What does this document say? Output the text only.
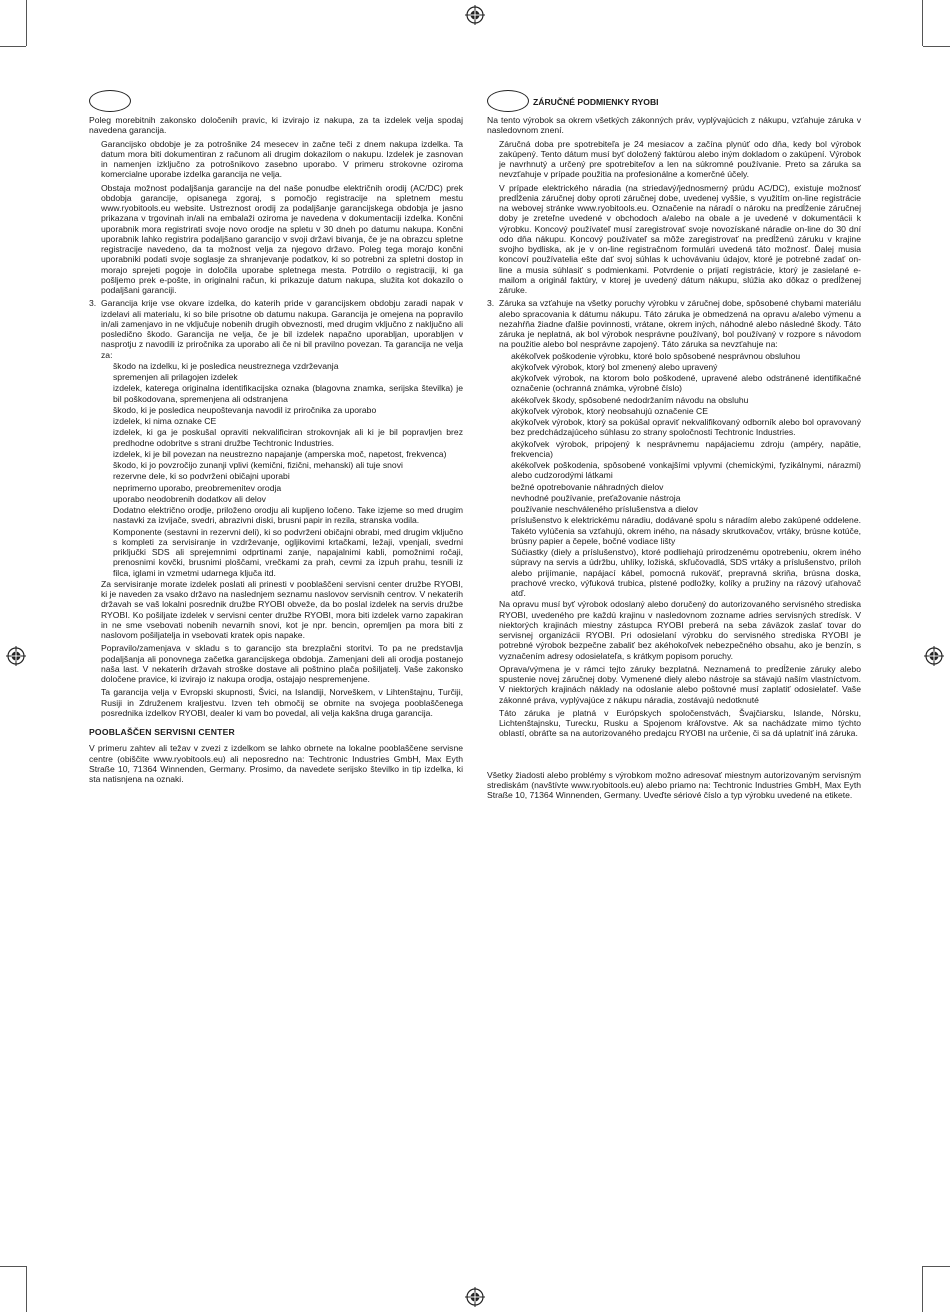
Poleg morebitnih zakonsko določenih pravic, ki izvirajo iz nakupa, za ta izdelek velja spodaj navedena garancija.

Garancijsko obdobje je za potrošnike 24 mesecev in začne teči z dnem nakupa izdelka. Ta datum mora biti dokumentiran z računom ali drugim dokazilom o nakupu. Izdelek je zasnovan in namenjen izključno za potrošnikovo zasebno uporabo. V primeru strokovne oziroma komercialne uporabe izdelka garancija ne velja.

Obstaja možnost podaljšanja garancije na del naše ponudbe električnih orodij (AC/DC) prek obdobja garancije, opisanega zgoraj, s pomočjo registracije na spletnem mestu www.ryobitools.eu website. Ustreznost orodij za podaljšanje garancijskega obdobja je jasno prikazana v trgovinah in/ali na embalaži oziroma je navedena v dokumentaciji izdelka. Končni uporabnik mora registrirati svoje novo orodje na spletu v 30 dneh po datumu nakupa. Končni uporabnik lahko registrira podaljšano garancijo v svoji državi bivanja, če je na obrazcu spletne registracije navedeno, da ta možnost velja za njegovo državo. Poleg tega morajo končni uporabniki podati svoje soglasje za shranjevanje podatkov, ki so potrebni za spletni dostop in morajo sprejeti pogoje in določila uporabe spletnega mesta. Potrdilo o registraciji, ki ga pošljemo prek e-pošte, in originalni račun, ki prikazuje datum nakupa, služita kot dokazilo o podaljšani garanciji.

3. Garancija krije vse okvare izdelka, do katerih pride v garancijskem obdobju zaradi napak v izdelavi ali materialu, ki so bile prisotne ob datumu nakupa. Garancija je omejena na popravilo in/ali zamenjavo in ne vključuje nobenih drugih obveznosti, med drugim vključno z naključno ali posledično škodo. Garancija ne velja, če je bil izdelek napačno uporabljan, uporabljen v nasprotju z navodili iz priročnika za uporabo ali če ni bil pravilno povezan. Ta garancija ne velja za:

škodo na izdelku, ki je posledica neustreznega vzdrževanja

spremenjen ali prilagojen izdelek

izdelek, katerega originalna identifikacijska oznaka (blagovna znamka, serijska številka) je bil poškodovana, spremenjena ali odstranjena

škodo, ki je posledica neupoštevanja navodil iz priročnika za uporabo

izdelek, ki nima oznake CE

izdelek, ki ga je poskušal opraviti nekvalificiran strokovnjak ali ki je bil popravljen brez predhodne odobritve s strani družbe Techtronic Industries.

izdelek, ki je bil povezan na neustrezno napajanje (amperska moč, napetost, frekvenca)

škodo, ki jo povzročijo zunanji vplivi (kemični, fizični, mehanski) ali tuje snovi

rezervne dele, ki so podvrženi običajni uporabi

neprimerno uporabo, preobremenitev orodja

uporabo neodobrenih dodatkov ali delov

Dodatno električno orodje, priloženo orodju ali kupljeno ločeno. Take izjeme so med drugim nastavki za izvijače, svedri, abrazivni diski, brusni papir in rezila, stranska vodila.

Komponente (sestavni in rezervni deli), ki so podvrženi običajni obrabi, med drugim vključno s kompleti za servisiranje in vzdrževanje, ogljikovimi krtačkami, ležaji, vpenjali, svedrni priključki SDS ali sprejemnimi odprtinami zanje, napajalnimi kabli, pomožnimi ročaji, prenosnimi kovčki, brusnimi ploščami, vrečkami za prah, cevmi za izpuh prahu, tesnili iz filca, iglami in vzmetmi udarnega ključa itd.

Za servisiranje morate izdelek poslati ali prinesti v pooblaščeni servisni center družbe RYOBI, ki je naveden za vsako državo na naslednjem seznamu naslovov servisnih centrov. V nekaterih državah se vaš lokalni posrednik družbe RYOBI obveže, da bo poslal izdelek na servis družbe RYOBI. Ko pošiljate izdelek v servisni center družbe RYOBI, mora biti izdelek varno zapakiran in ne sme vsebovati nobenih nevarnih snovi, kot je npr. bencin, opremljen pa mora biti z naslovom pošiljatelja in vsebovati kratek opis napake.

Popravilo/zamenjava v skladu s to garancijo sta brezplačni storitvi. To pa ne predstavlja podaljšanja ali ponovnega začetka garancijskega obdobja. Zamenjani deli ali orodja postanejo naša last. V nekaterih državah stroške dostave ali poštnino plača pošiljatelj. Vaše zakonsko določene pravice, ki izvirajo iz nakupa orodja, ostajajo nespremenjene.

Ta garancija velja v Evropski skupnosti, Švici, na Islandiji, Norveškem, v Lihtenštajnu, Turčiji, Rusiji in Združenem kraljestvu. Izven teh območij se obrnite na svojega pooblaščenega posrednika izdelkov RYOBI, dealer ki vam bo povedal, ali velja kakšna druga garancija.

POOBLAŠČEN SERVISNI CENTER

V primeru zahtev ali težav v zvezi z izdelkom se lahko obrnete na lokalne pooblaščene servisne centre (obiščite www.ryobitools.eu) ali neposredno na: Techtronic Industries GmbH, Max Eyth Straße 10, 71364 Winnenden, Germany. Prosimo, da navedete serijsko številko in tip izdelka, ki sta natisnjena na oznaki.

ZÁRUČNÉ PODMIENKY RYOBI

Na tento výrobok sa okrem všetkých zákonných práv, vyplývajúcich z nákupu, vzťahuje záruka v nasledovnom znení.

Záručná doba pre spotrebiteľa je 24 mesiacov a začína plynúť odo dňa, kedy bol výrobok zakúpený. Tento dátum musí byť doložený faktúrou alebo iným dokladom o zakúpení. Výrobok je navrhnutý a určený pre spotrebiteľov a len na súkromné používanie. Preto sa záruka sa nevzťahuje v prípade použitia na profesionálne a komerčné účely.

V prípade elektrického náradia (na striedavý/jednosmerný prúdu AC/DC), existuje možnosť predĺženia záručnej doby oproti záručnej dobe, uvedenej vyššie, s využitím on-line registrácie na webovej stránke www.ryobitools.eu. Označenie na náradí o nároku na predĺženie záručnej doby je zreteľne uvedené v obchodoch a/alebo na obale a je uvedené v dokumentácii k výrobku. Koncový používateľ musí zaregistrovať svoje novozískané náradie on-line do 30 dní odo dňa nákupu. Koncový používateľ sa môže zaregistrovať na predĺženú záruku v krajine svojho bydliska, ak je v on-line registračnom formulári uvedená táto možnosť. Ďalej musia koncoví používatelia ešte dať svoj súhlas k uchovávaniu údajov, ktoré je potrebné zadať on-line a musia súhlasiť s podmienkami. Potvrdenie o prijatí registrácie, ktorý je zasielané e-mailom a originál faktúry, v ktorej je uvedený dátum nákupu, slúžia ako dôkaz o predĺženej záruke.

3. Záruka sa vzťahuje na všetky poruchy výrobku v záručnej dobe, spôsobené chybami materiálu alebo spracovania k dátumu nákupu. Táto záruka je obmedzená na opravu a/alebo výmenu a nezahŕňa žiadne ďalšie povinnosti, vrátane, okrem iných, náhodné alebo následné škody. Táto záruka je neplatná, ak bol výrobok nesprávne používaný, bol používaný v rozpore s návodom na použitie alebo bol nesprávne zapojený. Táto záruka sa nevzťahuje na:

akékoľvek poškodenie výrobku, ktoré bolo spôsobené nesprávnou obsluhou

akýkoľvek výrobok, ktorý bol zmenený alebo upravený

akýkoľvek výrobok, na ktorom bolo poškodené, upravené alebo odstránené identifikačné označenie (ochranná známka, výrobné číslo)

akékoľvek škody, spôsobené nedodržaním návodu na obsluhu

akýkoľvek výrobok, ktorý neobsahujú označenie CE

akýkoľvek výrobok, ktorý sa pokúšal opraviť nekvalifikovaný odborník alebo bol opravovaný bez predchádzajúceho súhlasu zo strany spoločnosti Techtronic Industries.

akýkoľvek výrobok, pripojený k nesprávnemu napájaciemu zdroju (ampéry, napätie, frekvencia)

akékoľvek poškodenia, spôsobené vonkajšími vplyvmi (chemickými, fyzikálnymi, nárazmi) alebo cudzorodými látkami

bežné opotrebovanie náhradných dielov

nevhodné používanie, preťažovanie nástroja

používanie neschváleného príslušenstva a dielov

príslušenstvo k elektrickému náradiu, dodávané spolu s náradím alebo zakúpené oddelene. Takéto vylúčenia sa vzťahujú, okrem iného, na násady skrutkovačov, vrtáky, brúsne kotúče, brúsny papier a čepele, bočné vodiace lišty

Súčiastky (diely a príslušenstvo), ktoré podliehajú prirodzenému opotrebeniu, okrem iného súpravy na servis a údržbu, uhlíky, ložiská, skľučovadlá, SDS vrtáky a príslušenstvo, príloh alebo prijímanie, napájací kábel, pomocná rukoväť, prepravná skriňa, brúsna doska, prachové vrecko, výfuková trubica, plstené podložky, kolíky a pružiny na rázový uťahovač atď.

Na opravu musí byť výrobok odoslaný alebo doručený do autorizovaného servisného strediska RYOBI, uvedeného pre každú krajinu v nasledovnom zozname adries servisných stredísk. V niektorých krajinách miestny zástupca RYOBI preberá na seba záväzok zaslať tovar do servisnej organizácii RYOBI. Pri odosielaní výrobku do servisného strediska RYOBI je potrebné výrobok bezpečne zabaliť bez akéhokoľvek nebezpečného obsahu, ako je benzín, s vyznačením adresy odosielateľa, s krátkym popisom poruchy.

Oprava/výmena je v rámci tejto záruky bezplatná. Neznamená to predĺženie záruky alebo spustenie novej záručnej doby. Vymenené diely alebo nástroje sa stávajú naším vlastníctvom. V niektorých krajinách náklady na odoslanie alebo poštovné musí zaplatiť odosielateľ. Vaše zákonné práva, vyplývajúce z nákupu náradia, zostávajú nedotknuté

Táto záruka je platná v Európskych spoločenstvách, Švajčiarsku, Islande, Nórsku, Lichtenštajnsku, Turecku, Rusku a Spojenom kráľovstve. Ak sa nachádzate mimo týchto oblastí, obráťte sa na autorizovaného predajcu RYOBI na určenie, či sa dá uplatniť iná záruka.

Všetky žiadosti alebo problémy s výrobkom možno adresovať miestnym autorizovaným servisným strediskám (navštívte www.ryobitools.eu) alebo priamo na: Techtronic Industries GmbH, Max Eyth Straße 10, 71364 Winnenden, Germany. Uveďte sériové číslo a typ výrobku uvedené na etikete.
